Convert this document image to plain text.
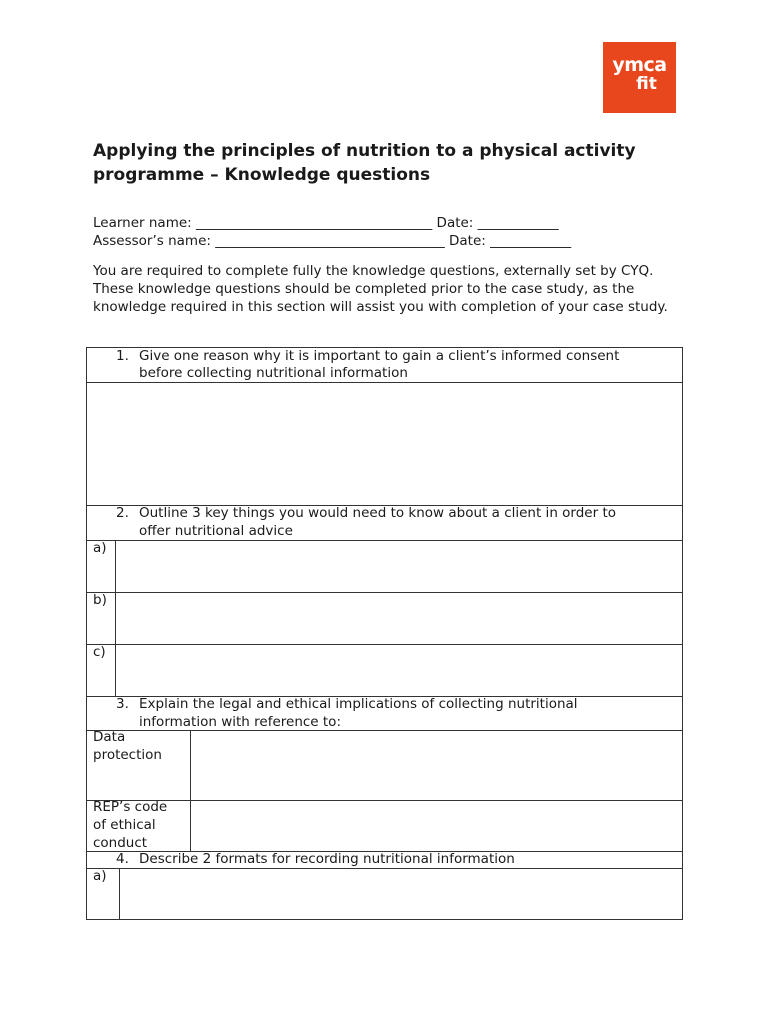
ymca
fit
Applying the principles of nutrition to a physical activity programme – Knowledge questions
Learner name: ___________________________________ Date: ____________
Assessor’s name: __________________________________ Date: ____________

You are required to complete fully the knowledge questions, externally set by CYQ. These knowledge questions should be completed prior to the case study, as the knowledge required in this section will assist you with completion of your case study.

1. Give one reason why it is important to gain a client’s informed consent
before collecting nutritional information
2. Outline 3 key things you would need to know about a client in order to
offer nutritional advice
a)
b)
c)
3. Explain the legal and ethical implications of collecting nutritional
information with reference to:
Data
protection
REP’s code
of ethical
conduct
4. Describe 2 formats for recording nutritional information
a)
